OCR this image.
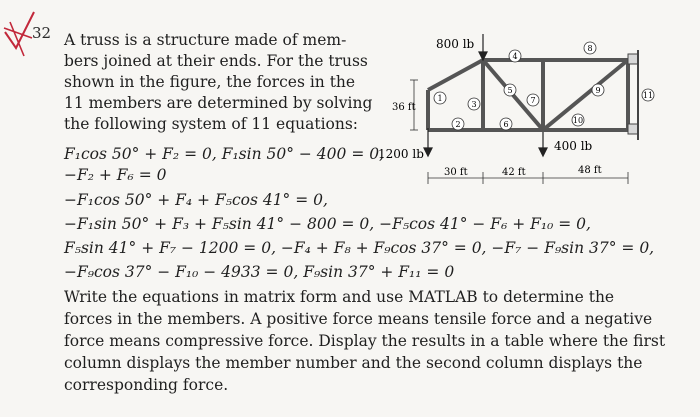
32 A truss is a structure made of mem-
bers joined at their ends. For the truss
shown in the figure, the forces in the
11 members are determined by solving
the following system of 11 equations:
F₁cos 50° + F₂ = 0, F₁sin 50° − 400 = 0,
−F₂ + F₆ = 0
−F₁cos 50° + F₄ + F₅cos 41° = 0,
−F₁sin 50° + F₃ + F₅sin 41° − 800 = 0, −F₅cos 41° − F₆ + F₁₀ = 0,
F₅sin 41° + F₇ − 1200 = 0, −F₄ + F₈ + F₉cos 37° = 0, −F₇ − F₉sin 37° = 0,
−F₉cos 37° − F₁₀ − 4933 = 0, F₉sin 37° + F₁₁ = 0
Write the equations in matrix form and use MATLAB to determine the
forces in the members. A positive force means tensile force and a negative
force means compressive force. Display the results in a table where the first
column displays the member number and the second column displays the
corresponding force.
800 lb
1200 lb
400 lb
36 ft
30 ft	42 ft	48 ft
1
2
3
4
5
6
7
8
9
10
11
